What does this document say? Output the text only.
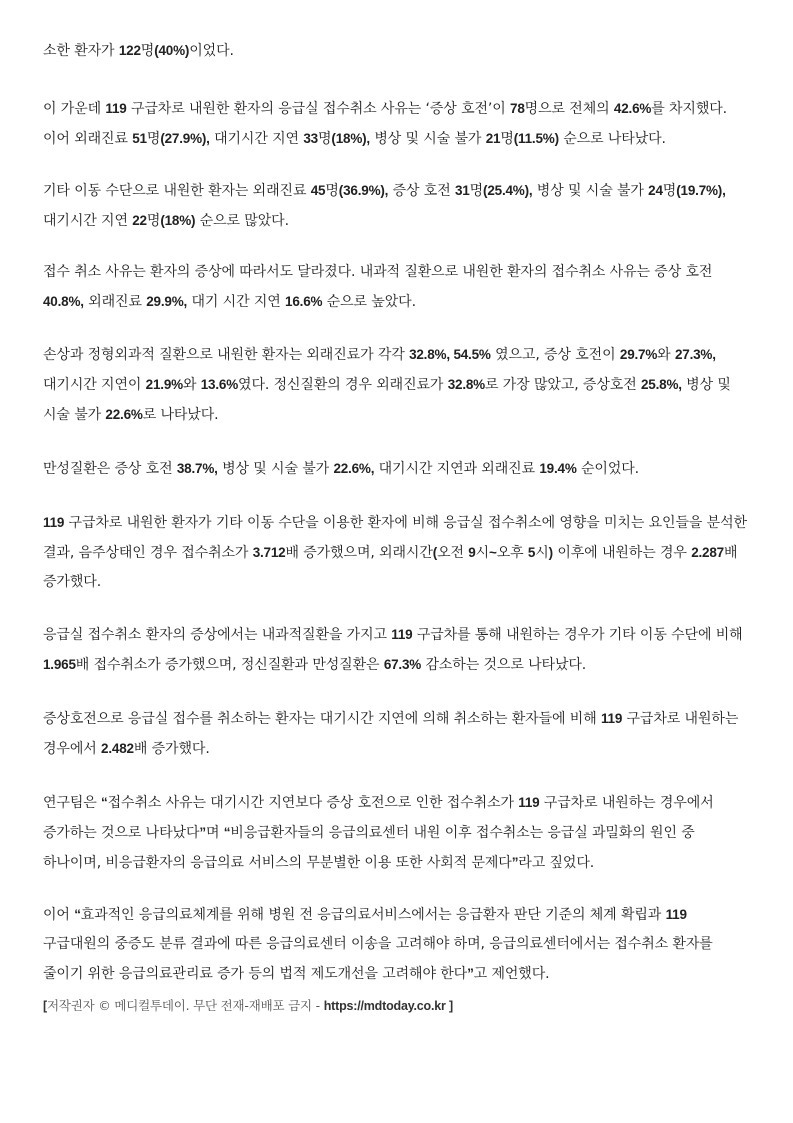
소한 환자가 122명(40%)이었다.

이 가운데 119 구급차로 내원한 환자의 응급실 접수취소 사유는 ‘증상 호전’이 78명으로 전체의 42.6%를 차지했다. 이어 외래진료 51명(27.9%), 대기시간 지연 33명(18%), 병상 및 시술 불가 21명(11.5%) 순으로 나타났다.

기타 이동 수단으로 내원한 환자는 외래진료 45명(36.9%), 증상 호전 31명(25.4%), 병상 및 시술 불가 24명(19.7%), 대기시간 지연 22명(18%) 순으로 많았다.

접수 취소 사유는 환자의 증상에 따라서도 달라졌다. 내과적 질환으로 내원한 환자의 접수취소 사유는 증상 호전 40.8%, 외래진료 29.9%, 대기 시간 지연 16.6% 순으로 높았다.

손상과 정형외과적 질환으로 내원한 환자는 외래진료가 각각 32.8%, 54.5% 였으고, 증상 호전이 29.7%와 27.3%, 대기시간 지연이 21.9%와 13.6%였다. 정신질환의 경우 외래진료가 32.8%로 가장 많았고, 증상호전 25.8%, 병상 및 시술 불가 22.6%로 나타났다.

만성질환은 증상 호전 38.7%, 병상 및 시술 불가 22.6%, 대기시간 지연과 외래진료 19.4% 순이었다.

119 구급차로 내원한 환자가 기타 이동 수단을 이용한 환자에 비해 응급실 접수취소에 영향을 미치는 요인들을 분석한 결과, 음주상태인 경우 접수취소가 3.712배 증가했으며, 외래시간(오전 9시~오후 5시) 이후에 내원하는 경우 2.287배 증가했다.

응급실 접수취소 환자의 증상에서는 내과적질환을 가지고 119 구급차를 통해 내원하는 경우가 기타 이동 수단에 비해 1.965배 접수취소가 증가했으며, 정신질환과 만성질환은 67.3% 감소하는 것으로 나타났다.

증상호전으로 응급실 접수를 취소하는 환자는 대기시간 지연에 의해 취소하는 환자들에 비해 119 구급차로 내원하는 경우에서 2.482배 증가했다.

연구팀은 “접수취소 사유는 대기시간 지연보다 증상 호전으로 인한 접수취소가 119 구급차로 내원하는 경우에서 증가하는 것으로 나타났다”며 “비응급환자들의 응급의료센터 내원 이후 접수취소는 응급실 과밀화의 원인 중 하나이며, 비응급환자의 응급의료 서비스의 무분별한 이용 또한 사회적 문제다”라고 짚었다.

이어 “효과적인 응급의료체계를 위해 병원 전 응급의료서비스에서는 응급환자 판단 기준의 체계 확립과 119 구급대원의 중증도 분류 결과에 따른 응급의료센터 이송을 고려해야 하며, 응급의료센터에서는 접수취소 환자를 줄이기 위한 응급의료관리료 증가 등의 법적 제도개선을 고려해야 한다”고 제언했다.

[저작권자 © 메디컬투데이. 무단 전재-재배포 금지 - https://mdtoday.co.kr ]
